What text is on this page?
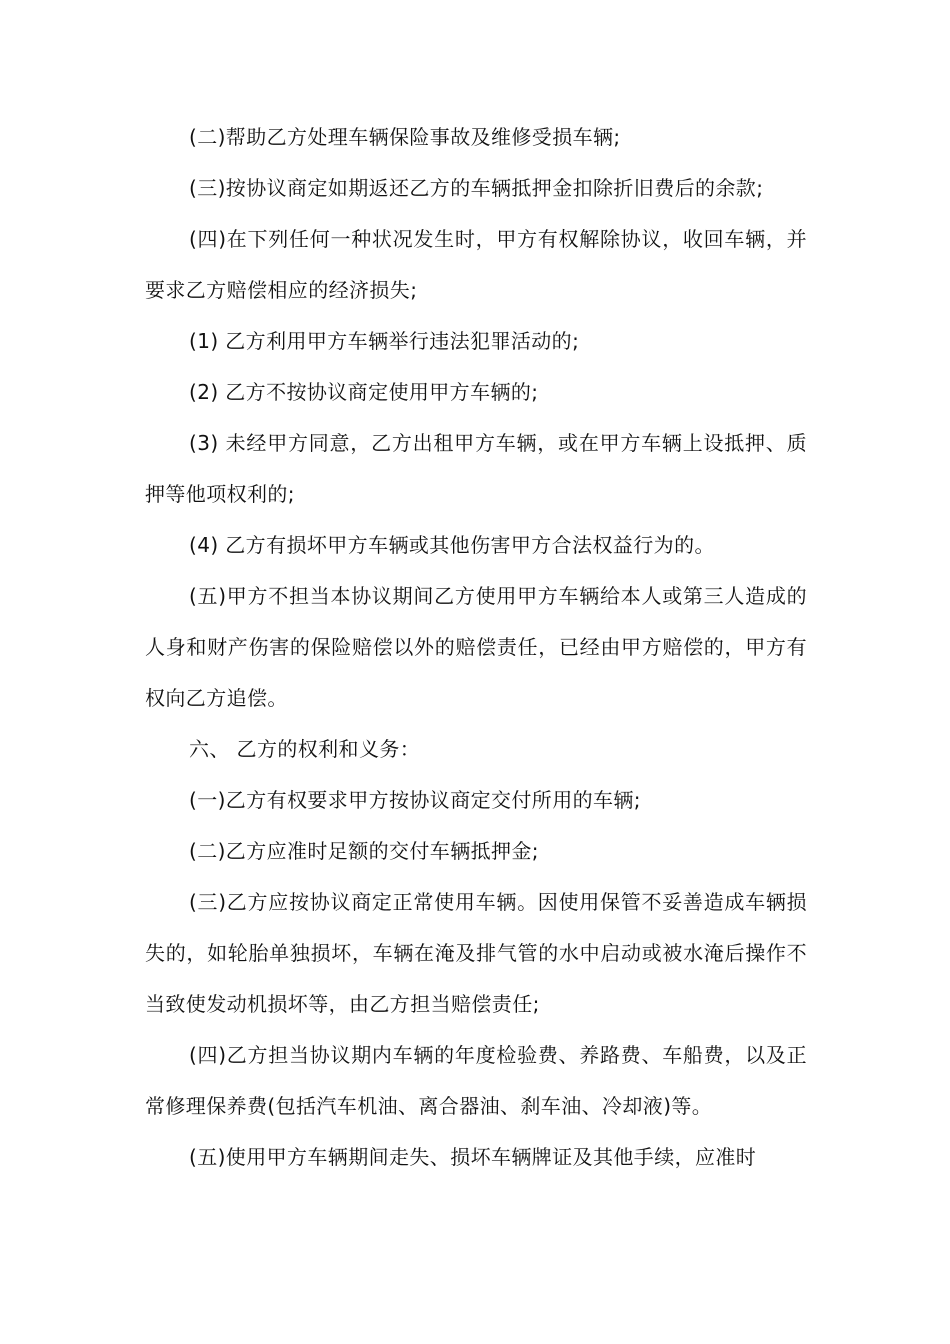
(二)帮助乙方处理车辆保险事故及维修受损车辆;

(三)按协议商定如期返还乙方的车辆抵押金扣除折旧费后的余款;

(四)在下列任何一种状况发生时，甲方有权解除协议，收回车辆，并要求乙方赔偿相应的经济损失;

(1) 乙方利用甲方车辆举行违法犯罪活动的;

(2) 乙方不按协议商定使用甲方车辆的;

(3) 未经甲方同意，乙方出租甲方车辆，或在甲方车辆上设抵押、质押等他项权利的;

(4) 乙方有损坏甲方车辆或其他伤害甲方合法权益行为的。

(五)甲方不担当本协议期间乙方使用甲方车辆给本人或第三人造成的人身和财产伤害的保险赔偿以外的赔偿责任，已经由甲方赔偿的，甲方有权向乙方追偿。

六、 乙方的权利和义务：

(一)乙方有权要求甲方按协议商定交付所用的车辆;

(二)乙方应准时足额的交付车辆抵押金;

(三)乙方应按协议商定正常使用车辆。因使用保管不妥善造成车辆损失的，如轮胎单独损坏，车辆在淹及排气管的水中启动或被水淹后操作不当致使发动机损坏等，由乙方担当赔偿责任;

(四)乙方担当协议期内车辆的年度检验费、养路费、车船费，以及正常修理保养费(包括汽车机油、离合器油、刹车油、冷却液)等。

(五)使用甲方车辆期间走失、损坏车辆牌证及其他手续，应准时
